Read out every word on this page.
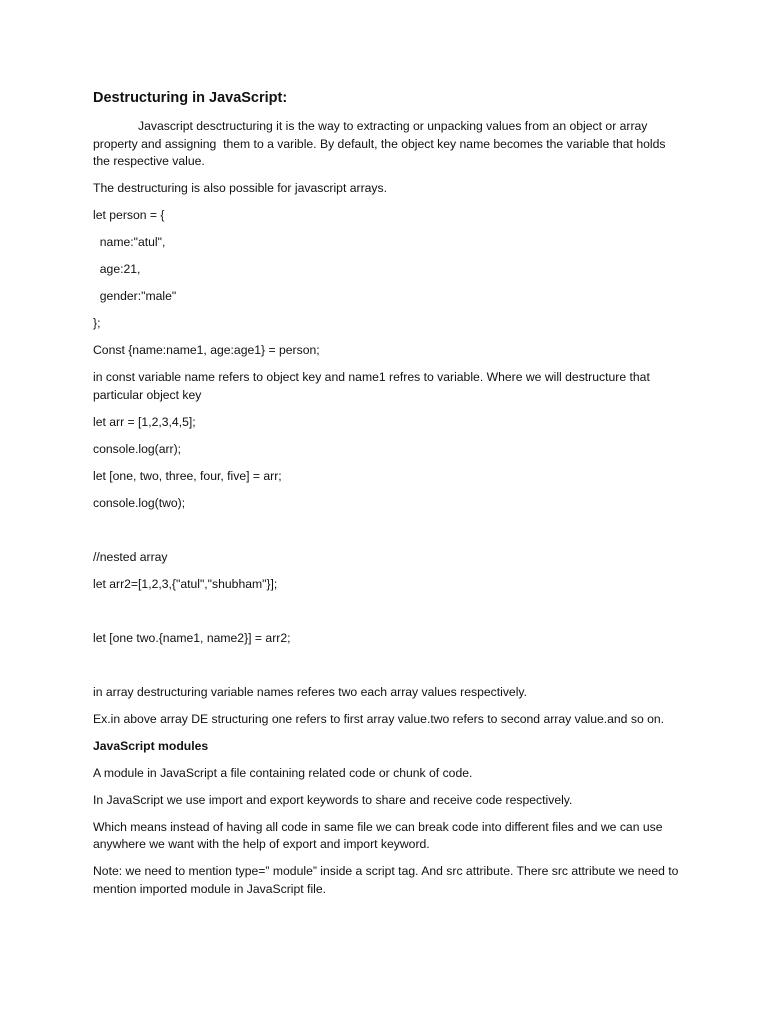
Destructuring in JavaScript:
Javascript desctructuring it is the way to extracting or unpacking values from an object or array property and assigning  them to a varible. By default, the object key name becomes the variable that holds the respective value.
The destructuring is also possible for javascript arrays.
let person = {
name:"atul",
age:21,
gender:"male"
};
Const {name:name1, age:age1} = person;
in const variable name refers to object key and name1 refres to variable. Where we will destructure that particular object key
let arr = [1,2,3,4,5];
console.log(arr);
let [one, two, three, four, five] = arr;
console.log(two);
//nested array
let arr2=[1,2,3,{"atul","shubham"}];
let [one two.{name1, name2}] = arr2;
in array destructuring variable names referes two each array values respectively.
Ex.in above array DE structuring one refers to first array value.two refers to second array value.and so on.
JavaScript modules
A module in JavaScript a file containing related code or chunk of code.
In JavaScript we use import and export keywords to share and receive code respectively.
Which means instead of having all code in same file we can break code into different files and we can use anywhere we want with the help of export and import keyword.
Note: we need to mention type=” module” inside a script tag. And src attribute. There src attribute we need to mention imported module in JavaScript file.
